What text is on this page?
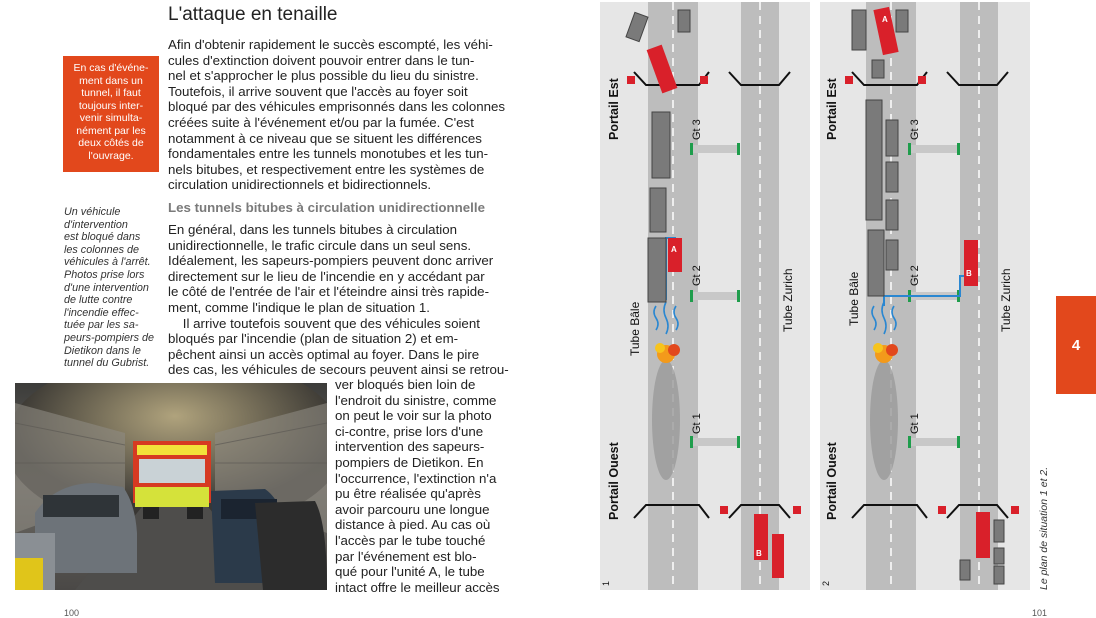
L'attaque en tenaille
En cas d'événe-
ment dans un
tunnel, il faut
toujours inter-
venir simulta-
nément par les
deux côtés de
l'ouvrage.
Un véhicule
d'intervention
est bloqué dans
les colonnes de
véhicules à l'arrêt.
Photos prise lors
d'une intervention
de lutte contre
l'incendie effec-
tuée par les sa-
peurs-pompiers de
Dietikon dans le
tunnel du Gubrist.
Afin d'obtenir rapidement le succès escompté, les véhi-
cules d'extinction doivent pouvoir entrer dans le tun-
nel et s'approcher le plus possible du lieu du sinistre.
Toutefois, il arrive souvent que l'accès au foyer soit
bloqué par des véhicules emprisonnés dans les colonnes
créées suite à l'événement et/ou par la fumée. C'est
notamment à ce niveau que se situent les différences
fondamentales entre les tunnels monotubes et les tun-
nels bitubes, et respectivement entre les systèmes de
circulation unidirectionnels et bidirectionnels.
Les tunnels bitubes à circulation unidirectionnelle
En général, dans les tunnels bitubes à circulation
unidirectionnelle, le trafic circule dans un seul sens.
Idéalement, les sapeurs-pompiers peuvent donc arriver
directement sur le lieu de l'incendie en y accédant par
le côté de l'entrée de l'air et l'éteindre ainsi très rapide-
ment, comme l'indique le plan de situation 1.
Il arrive toutefois souvent que des véhicules soient
bloqués par l'incendie (plan de situation 2) et em-
pêchent ainsi un accès optimal au foyer. Dans le pire
des cas, les véhicules de secours peuvent ainsi se retrou-
ver bloqués bien loin de
l'endroit du sinistre, comme
on peut le voir sur la photo
ci-contre, prise lors d'une
intervention des sapeurs-
pompiers de Dietikon. En
l'occurrence, l'extinction n'a
pu être réalisée qu'après
avoir parcouru une longue
distance à pied. Au cas où
l'accès par le tube touché
par l'événement est blo-
qué pour l'unité A, le tube
intact offre le meilleur accès
100
B
A
Portail Est
Portail Ouest
Tube Bâle	Tube Zurich
Gt 3
Gt 2
Gt 1
1
A
B
Portail Est
Portail Ouest
Tube Bâle	Tube Zurich
Gt 3
Gt 2
Gt 1
2
4
Le plan de situation 1 et 2.
101
